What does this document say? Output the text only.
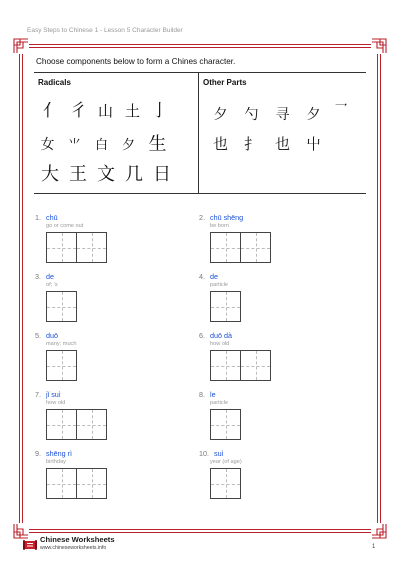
Easy Steps to Chinese 1 - Lesson 5 Character Builder
Choose components below to form a Chines character.
Radicals	Other Parts
亻 彳 山 土 亅
女	⺌	白	夕 生
大 王 文 几 日
夕	勺	寻	夕	乛
也	扌	也	屮
1. chū
go or come out
2. chū shēng
be born
3. de
of; 's
4. de
particle
5. duō
many; much
6. duō dà
how old
7. jǐ suì
how old
8. le
particle
9. shēng rì
birthday
10. suì
year (of age)
Chinese Worksheets
www.chineseworksheets.info	1
